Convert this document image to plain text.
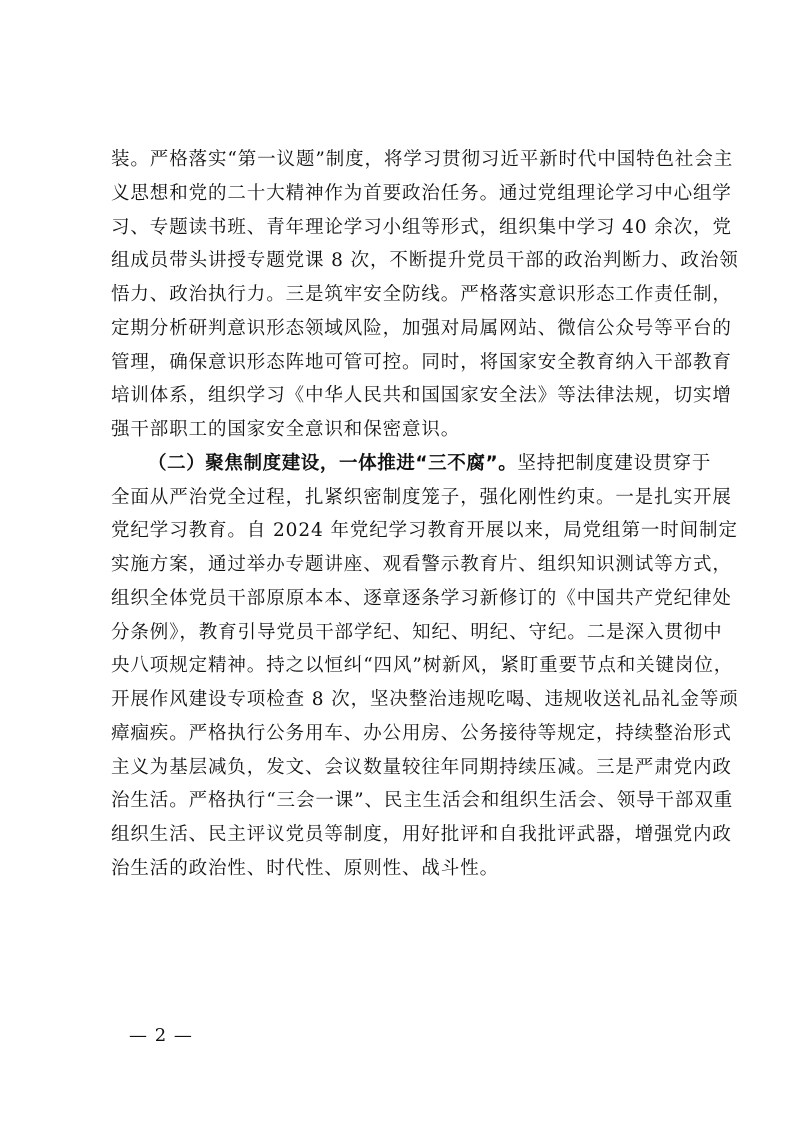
装。严格落实“第一议题”制度，将学习贯彻习近平新时代中国特色社会主
义思想和党的二十大精神作为首要政治任务。通过党组理论学习中心组学
习、专题读书班、青年理论学习小组等形式，组织集中学习 40 余次，党
组成员带头讲授专题党课 8 次，不断提升党员干部的政治判断力、政治领
悟力、政治执行力。三是筑牢安全防线。严格落实意识形态工作责任制，
定期分析研判意识形态领域风险，加强对局属网站、微信公众号等平台的
管理，确保意识形态阵地可管可控。同时，将国家安全教育纳入干部教育
培训体系，组织学习《中华人民共和国国家安全法》等法律法规，切实增
强干部职工的国家安全意识和保密意识。
（二）聚焦制度建设，一体推进“三不腐”。坚持把制度建设贯穿于
全面从严治党全过程，扎紧织密制度笼子，强化刚性约束。一是扎实开展
党纪学习教育。自 2024 年党纪学习教育开展以来，局党组第一时间制定
实施方案，通过举办专题讲座、观看警示教育片、组织知识测试等方式，
组织全体党员干部原原本本、逐章逐条学习新修订的《中国共产党纪律处
分条例》，教育引导党员干部学纪、知纪、明纪、守纪。二是深入贯彻中
央八项规定精神。持之以恒纠“四风”树新风，紧盯重要节点和关键岗位，
开展作风建设专项检查 8 次，坚决整治违规吃喝、违规收送礼品礼金等顽
瘴痼疾。严格执行公务用车、办公用房、公务接待等规定，持续整治形式
主义为基层减负，发文、会议数量较往年同期持续压减。三是严肃党内政
治生活。严格执行“三会一课”、民主生活会和组织生活会、领导干部双重
组织生活、民主评议党员等制度，用好批评和自我批评武器，增强党内政
治生活的政治性、时代性、原则性、战斗性。
— 2 —
